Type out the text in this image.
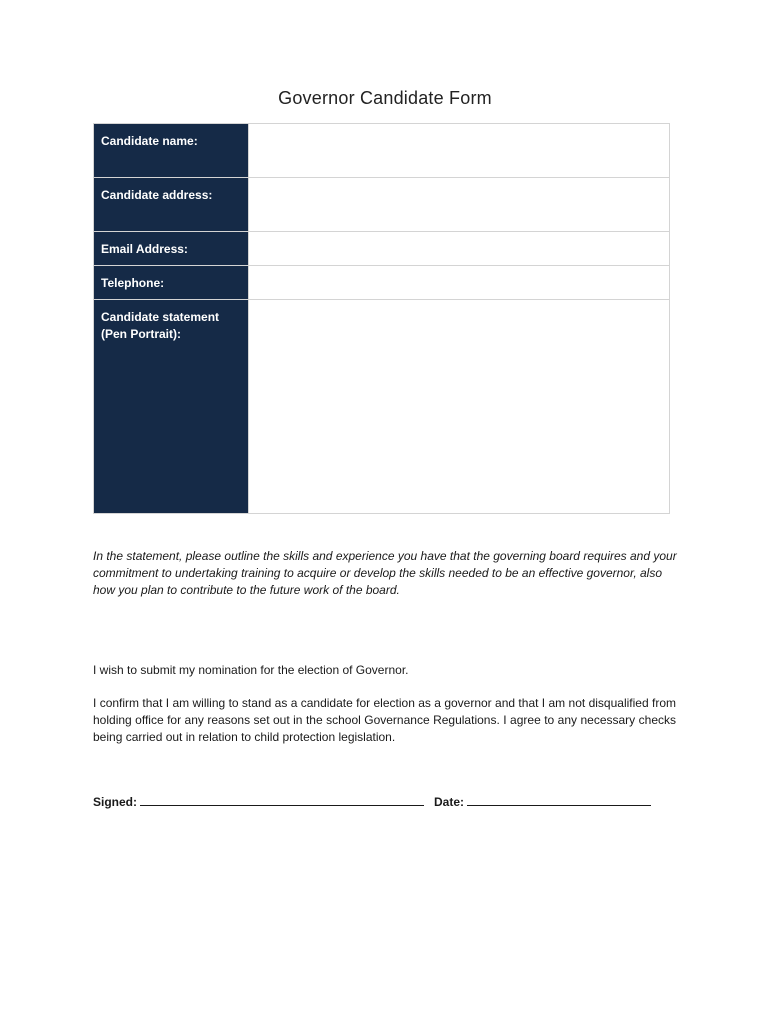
Governor Candidate Form
Candidate name:	

Candidate address:	

Email Address:	

Telephone:	

Candidate statement
(Pen Portrait):	

In the statement, please outline the skills and experience you have that the governing board requires and your commitment to undertaking training to acquire or develop the skills needed to be an effective governor, also how you plan to contribute to the future work of the board.
I wish to submit my nomination for the election of Governor.
I confirm that I am willing to stand as a candidate for election as a governor and that I am not disqualified from holding office for any reasons set out in the school Governance Regulations. I agree to any necessary checks being carried out in relation to child protection legislation.
Signed:	Date:
